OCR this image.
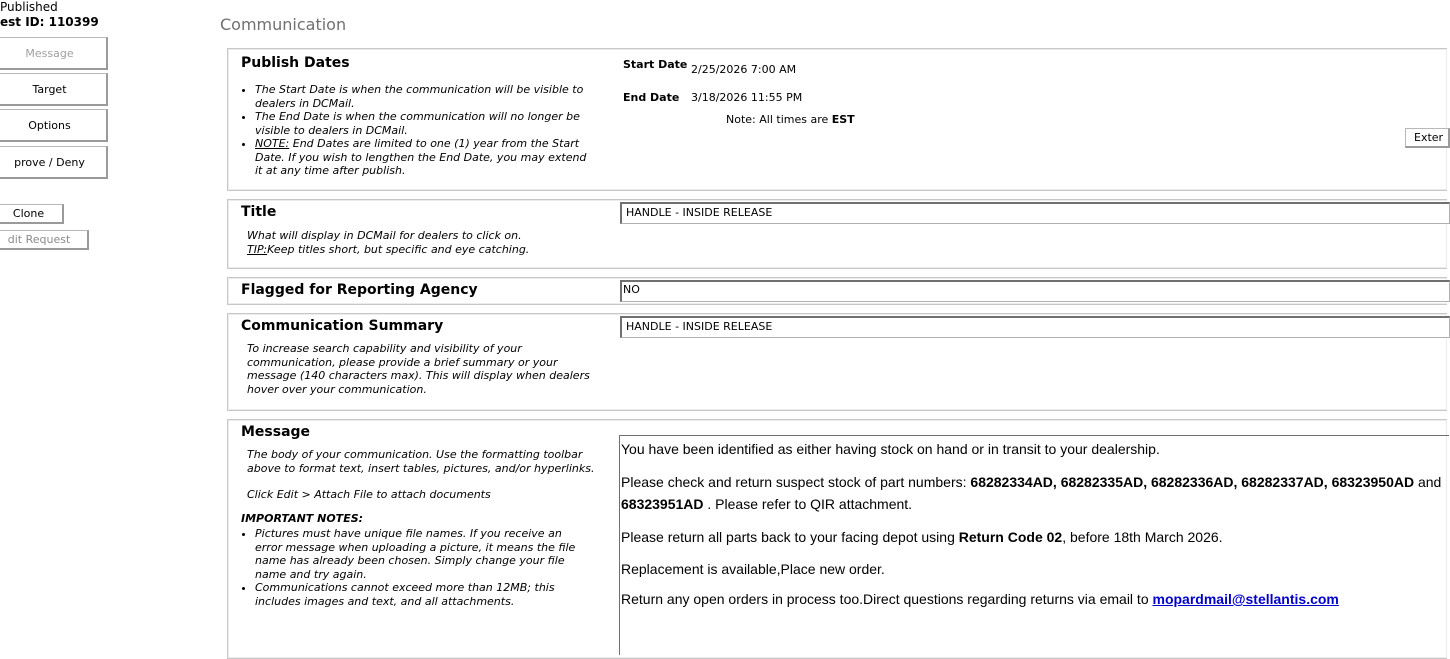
Published
est ID: 110399
Message
Target
Options
prove / Deny
Clone
dit Request
Communication
Publish Dates
• The Start Date is when the communication will be visible to dealers in DCMail.
• The End Date is when the communication will no longer be visible to dealers in DCMail.
• NOTE: End Dates are limited to one (1) year from the Start Date. If you wish to lengthen the End Date, you may extend it at any time after publish.
Start Date 2/25/2026 7:00 AM
End Date 3/18/2026 11:55 PM
Note: All times are EST
Exter
Title
What will display in DCMail for dealers to click on.
TIP:Keep titles short, but specific and eye catching.
HANDLE - INSIDE RELEASE
Flagged for Reporting Agency	NO
Communication Summary
To increase search capability and visibility of your communication, please provide a brief summary or your message (140 characters max). This will display when dealers hover over your communication.
HANDLE - INSIDE RELEASE
Message
The body of your communication. Use the formatting toolbar above to format text, insert tables, pictures, and/or hyperlinks.
Click Edit > Attach File to attach documents
IMPORTANT NOTES:
• Pictures must have unique file names. If you receive an error message when uploading a picture, it means the file name has already been chosen. Simply change your file name and try again.
• Communications cannot exceed more than 12MB; this includes images and text, and all attachments.

You have been identified as either having stock on hand or in transit to your dealership.

Please check and return suspect stock of part numbers: 68282334AD, 68282335AD, 68282336AD, 68282337AD, 68323950AD and

68323951AD . Please refer to QIR attachment.

Please return all parts back to your facing depot using Return Code 02, before 18th March 2026.

Replacement is available,Place new order.

Return any open orders in process too.Direct questions regarding returns via email to mopardmail@stellantis.com
